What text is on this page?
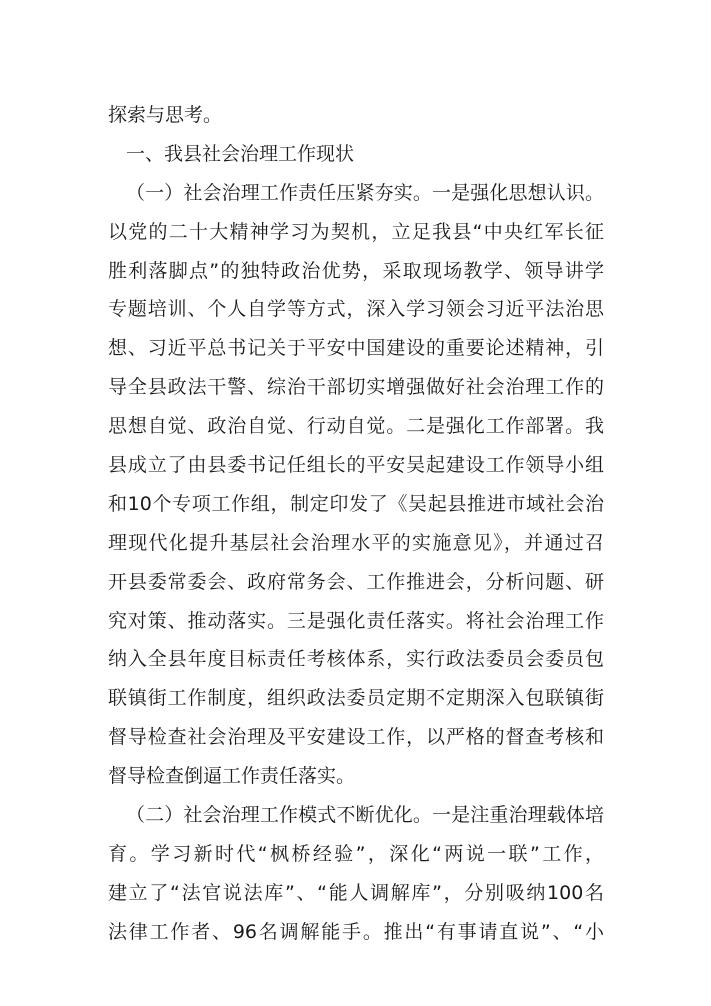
探索与思考。
一、我县社会治理工作现状
（一）社会治理工作责任压紧夯实。一是强化思想认识。
以党的二十大精神学习为契机，立足我县“中央红军长征
胜利落脚点”的独特政治优势，采取现场教学、领导讲学
专题培训、个人自学等方式，深入学习领会习近平法治思
想、习近平总书记关于平安中国建设的重要论述精神，引
导全县政法干警、综治干部切实增强做好社会治理工作的
思想自觉、政治自觉、行动自觉。二是强化工作部署。我
县成立了由县委书记任组长的平安吴起建设工作领导小组
和10个专项工作组，制定印发了《吴起县推进市域社会治
理现代化提升基层社会治理水平的实施意见》，并通过召
开县委常委会、政府常务会、工作推进会，分析问题、研
究对策、推动落实。三是强化责任落实。将社会治理工作
纳入全县年度目标责任考核体系，实行政法委员会委员包
联镇街工作制度，组织政法委员定期不定期深入包联镇街
督导检查社会治理及平安建设工作，以严格的督查考核和
督导检查倒逼工作责任落实。
（二）社会治理工作模式不断优化。一是注重治理载体培
育。学习新时代“枫桥经验”，深化“两说一联”工作，
建立了“法官说法库”、“能人调解库”，分别吸纳100名
法律工作者、96名调解能手。推出“有事请直说”、“小
